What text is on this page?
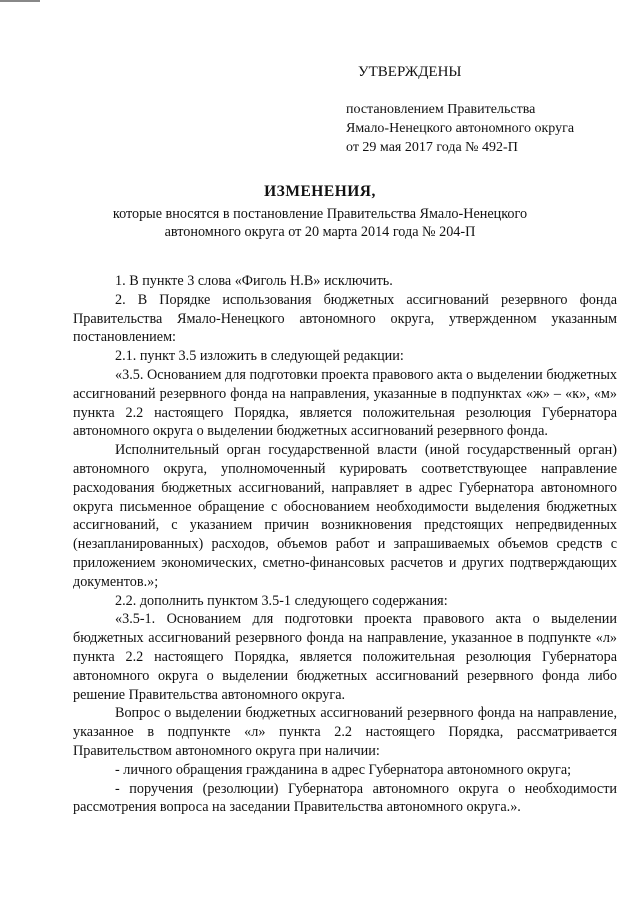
УТВЕРЖДЕНЫ
постановлением Правительства
Ямало-Ненецкого автономного округа
от 29 мая 2017 года № 492-П
ИЗМЕНЕНИЯ,
которые вносятся в постановление Правительства Ямало-Ненецкого
автономного округа от 20 марта 2014 года № 204-П

1. В пункте 3 слова «Фиголь Н.В» исключить.

2. В Порядке использования бюджетных ассигнований резервного фонда Правительства Ямало-Ненецкого автономного округа, утвержденном указанным постановлением:

2.1. пункт 3.5 изложить в следующей редакции:

«3.5. Основанием для подготовки проекта правового акта о выделении бюджетных ассигнований резервного фонда на направления, указанные в подпунктах «ж» – «к», «м» пункта 2.2 настоящего Порядка, является положительная резолюция Губернатора автономного округа о выделении бюджетных ассигнований резервного фонда.

Исполнительный орган государственной власти (иной государственный орган) автономного округа, уполномоченный курировать соответствующее направление расходования бюджетных ассигнований, направляет в адрес Губернатора автономного округа письменное обращение с обоснованием необходимости выделения бюджетных ассигнований, с указанием причин возникновения предстоящих непредвиденных (незапланированных) расходов, объемов работ и запрашиваемых объемов средств с приложением экономических, сметно-финансовых расчетов и других подтверждающих документов.»;

2.2. дополнить пунктом 3.5-1 следующего содержания:

«3.5-1. Основанием для подготовки проекта правового акта о выделении бюджетных ассигнований резервного фонда на направление, указанное в подпункте «л» пункта 2.2 настоящего Порядка, является положительная резолюция Губернатора автономного округа о выделении бюджетных ассигнований резервного фонда либо решение Правительства автономного округа.

Вопрос о выделении бюджетных ассигнований резервного фонда на направление, указанное в подпункте «л» пункта 2.2 настоящего Порядка, рассматривается Правительством автономного округа при наличии:

- личного обращения гражданина в адрес Губернатора автономного округа;

- поручения (резолюции) Губернатора автономного округа о необходимости рассмотрения вопроса на заседании Правительства автономного округа.».
